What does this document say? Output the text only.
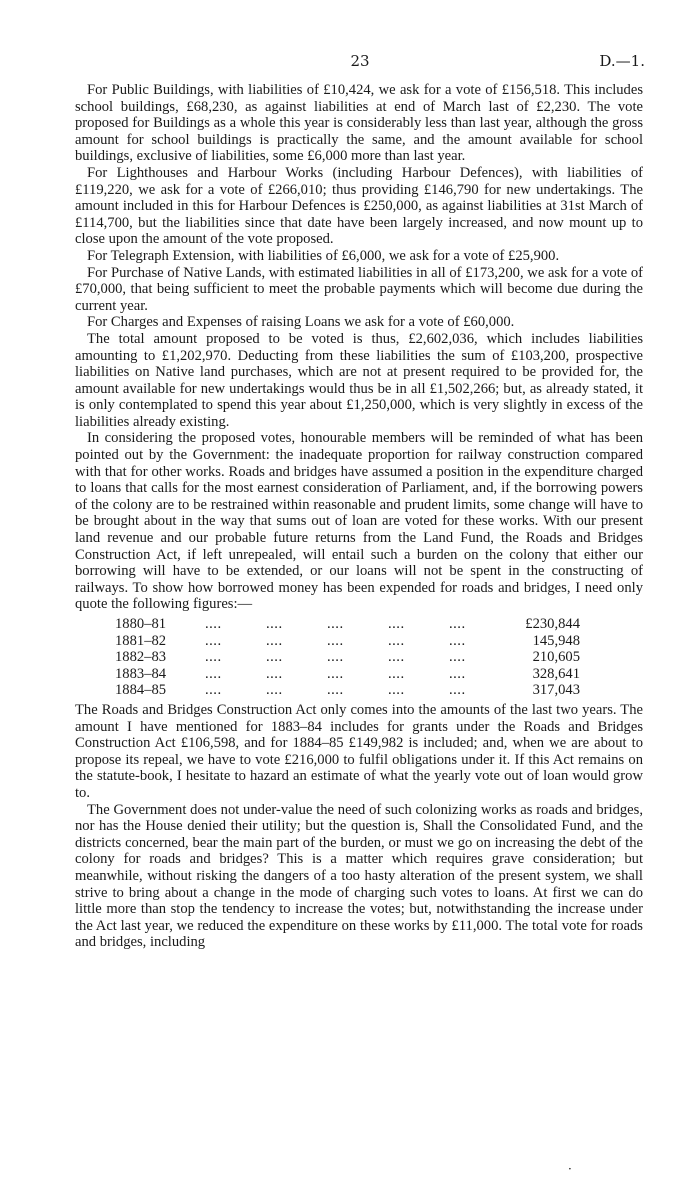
23	D.—1.

For Public Buildings, with liabilities of £10,424, we ask for a vote of £156,518. This includes school buildings, £68,230, as against liabilities at end of March last of £2,230. The vote proposed for Buildings as a whole this year is considerably less than last year, although the gross amount for school buildings is practically the same, and the amount available for school buildings, exclusive of liabilities, some £6,000 more than last year.

For Lighthouses and Harbour Works (including Harbour Defences), with liabilities of £119,220, we ask for a vote of £266,010; thus providing £146,790 for new undertakings. The amount included in this for Harbour Defences is £250,000, as against liabilities at 31st March of £114,700, but the liabilities since that date have been largely increased, and now mount up to close upon the amount of the vote proposed.

For Telegraph Extension, with liabilities of £6,000, we ask for a vote of £25,900.

For Purchase of Native Lands, with estimated liabilities in all of £173,200, we ask for a vote of £70,000, that being sufficient to meet the probable payments which will become due during the current year.

For Charges and Expenses of raising Loans we ask for a vote of £60,000.

The total amount proposed to be voted is thus, £2,602,036, which includes liabilities amounting to £1,202,970. Deducting from these liabilities the sum of £103,200, prospective liabilities on Native land purchases, which are not at present required to be provided for, the amount available for new undertakings would thus be in all £1,502,266; but, as already stated, it is only contemplated to spend this year about £1,250,000, which is very slightly in excess of the liabilities already existing.

In considering the proposed votes, honourable members will be reminded of what has been pointed out by the Government: the inadequate proportion for railway construction compared with that for other works. Roads and bridges have assumed a position in the expenditure charged to loans that calls for the most earnest consideration of Parliament, and, if the borrowing powers of the colony are to be restrained within reasonable and prudent limits, some change will have to be brought about in the way that sums out of loan are voted for these works. With our present land revenue and our probable future returns from the Land Fund, the Roads and Bridges Construction Act, if left unrepealed, will entail such a burden on the colony that either our borrowing will have to be extended, or our loans will not be spent in the constructing of railways. To show how borrowed money has been expended for roads and bridges, I need only quote the following figures:—

1880–81	....	....	....	....	....	£230,844
1881–82	....	....	....	....	....	145,948
1882–83	....	....	....	....	....	210,605
1883–84	....	....	....	....	....	328,641
1884–85	....	....	....	....	....	317,043

The Roads and Bridges Construction Act only comes into the amounts of the last two years. The amount I have mentioned for 1883–84 includes for grants under the Roads and Bridges Construction Act £106,598, and for 1884–85 £149,982 is included; and, when we are about to propose its repeal, we have to vote £216,000 to fulfil obligations under it. If this Act remains on the statute-book, I hesitate to hazard an estimate of what the yearly vote out of loan would grow to.

The Government does not under-value the need of such colonizing works as roads and bridges, nor has the House denied their utility; but the question is, Shall the Consolidated Fund, and the districts concerned, bear the main part of the burden, or must we go on increasing the debt of the colony for roads and bridges? This is a matter which requires grave consideration; but meanwhile, without risking the dangers of a too hasty alteration of the present system, we shall strive to bring about a change in the mode of charging such votes to loans. At first we can do little more than stop the tendency to increase the votes; but, notwithstanding the increase under the Act last year, we reduced the expenditure on these works by £11,000. The total vote for roads and bridges, including

·
